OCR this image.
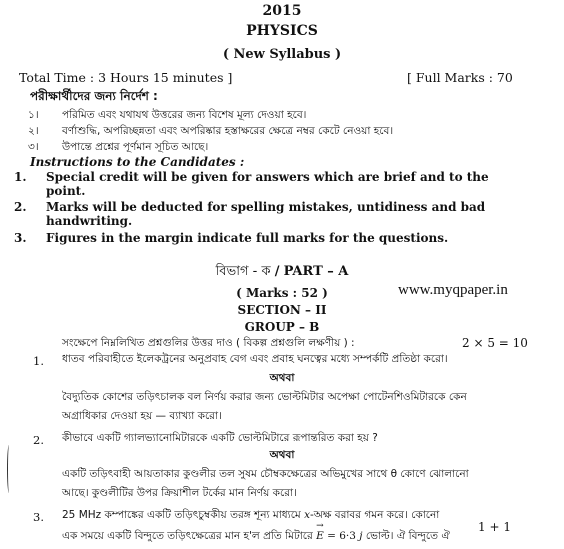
2015
PHYSICS
( New Syllabus )
Total Time : 3 Hours 15 minutes ]	[ Full Marks : 70
পরীক্ষার্থীদের জন্য নির্দেশ :
১। পরিমিত এবং যথাযথ উত্তরের জন্য বিশেষ মূল্য দেওয়া হবে।
২। বর্ণাশুদ্ধি, অপরিচ্ছন্নতা এবং অপরিষ্কার হস্তাক্ষরের ক্ষেত্রে নম্বর কেটে নেওয়া হবে।
৩। উপান্তে প্রশ্নের পূর্ণমান সূচিত আছে।
Instructions to the Candidates :
1. Special credit will be given for answers which are brief and to the
point.
2. Marks will be deducted for spelling mistakes, untidiness and bad
handwriting.
3. Figures in the margin indicate full marks for the questions.
বিভাগ - ক / PART – A
( Marks : 52 )	www.myqpaper.in
SECTION – II
GROUP – B
সংক্ষেপে নিম্নলিখিত প্রশ্নগুলির উত্তর দাও ( বিকল্প প্রশ্নগুলি লক্ষণীয় ) :	2 × 5 = 10
1. ধাতব পরিবাহীতে ইলেকট্রনের অনুপ্রবাহ বেগ এবং প্রবাহ ঘনত্বের মধ্যে সম্পর্কটি প্রতিষ্ঠা করো।
অথবা
বৈদ্যুতিক কোশের তড়িৎচালক বল নির্ণয় করার জন্য ভোল্টমিটার অপেক্ষা পোটেনশিওমিটারকে কেন
অগ্রাধিকার দেওয়া হয় — ব্যাখ্যা করো।
2. কীভাবে একটি গ্যালভ্যানোমিটারকে একটি ভোল্টমিটারে রূপান্তরিত করা হয় ?
অথবা
একটি তড়িৎবাহী আয়তাকার কুণ্ডলীর তল সুষম চৌম্বকক্ষেত্রের অভিমুখের সাথে θ কোণে ঝোলানো
আছে। কুণ্ডলীটির উপর ক্রিয়াশীল টর্কের মান নির্ণয় করো।
3. 25 MHz কম্পাঙ্কের একটি তড়িৎচুম্বকীয় তরঙ্গ শূন্য মাধ্যমে x-অক্ষ বরাবর গমন করে। কোনো
এক সময়ে একটি বিন্দুতে তড়িৎক্ষেত্রের মান হ'ল প্রতি মিটারে → E = 6·3 j ভোল্ট। ঐ বিন্দুতে ঐ
1 + 1
